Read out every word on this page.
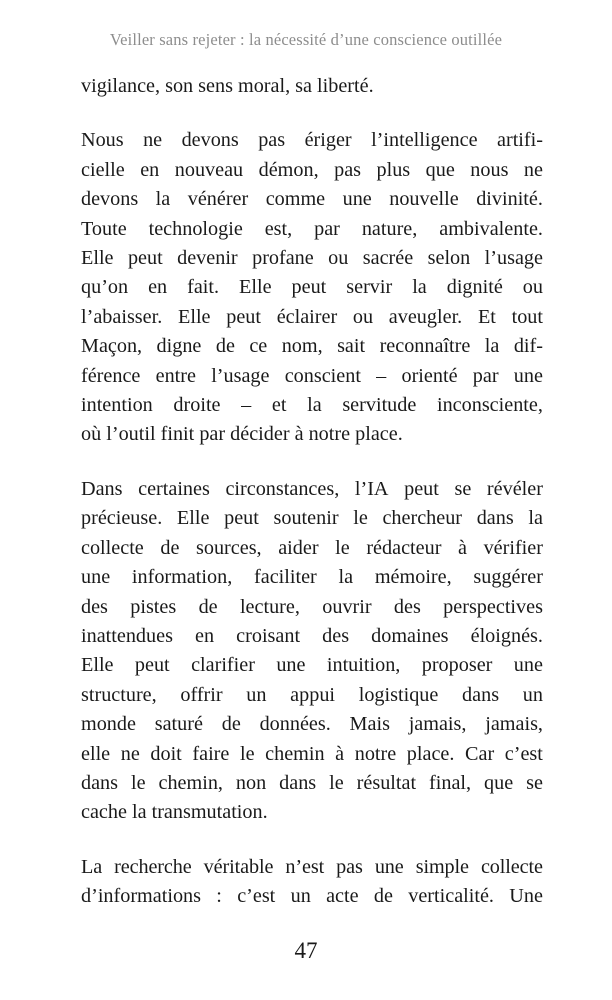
Veiller sans rejeter : la nécessité d’une conscience outillée

vigilance, son sens moral, sa liberté.

Nous ne devons pas ériger l’intelligence artifi-
cielle en nouveau démon, pas plus que nous ne
devons la vénérer comme une nouvelle divinité.
Toute technologie est, par nature, ambivalente.
Elle peut devenir profane ou sacrée selon l’usage
qu’on en fait. Elle peut servir la dignité ou
l’abaisser. Elle peut éclairer ou aveugler. Et tout
Maçon, digne de ce nom, sait reconnaître la dif-
férence entre l’usage conscient – orienté par une
intention droite – et la servitude inconsciente,
où l’outil finit par décider à notre place.

Dans certaines circonstances, l’IA peut se révéler
précieuse. Elle peut soutenir le chercheur dans la
collecte de sources, aider le rédacteur à vérifier
une information, faciliter la mémoire, suggérer
des pistes de lecture, ouvrir des perspectives
inattendues en croisant des domaines éloignés.
Elle peut clarifier une intuition, proposer une
structure, offrir un appui logistique dans un
monde saturé de données. Mais jamais, jamais,
elle ne doit faire le chemin à notre place. Car c’est
dans le chemin, non dans le résultat final, que se
cache la transmutation.

La recherche véritable n’est pas une simple collecte
d’informations : c’est un acte de verticalité. Une

47
